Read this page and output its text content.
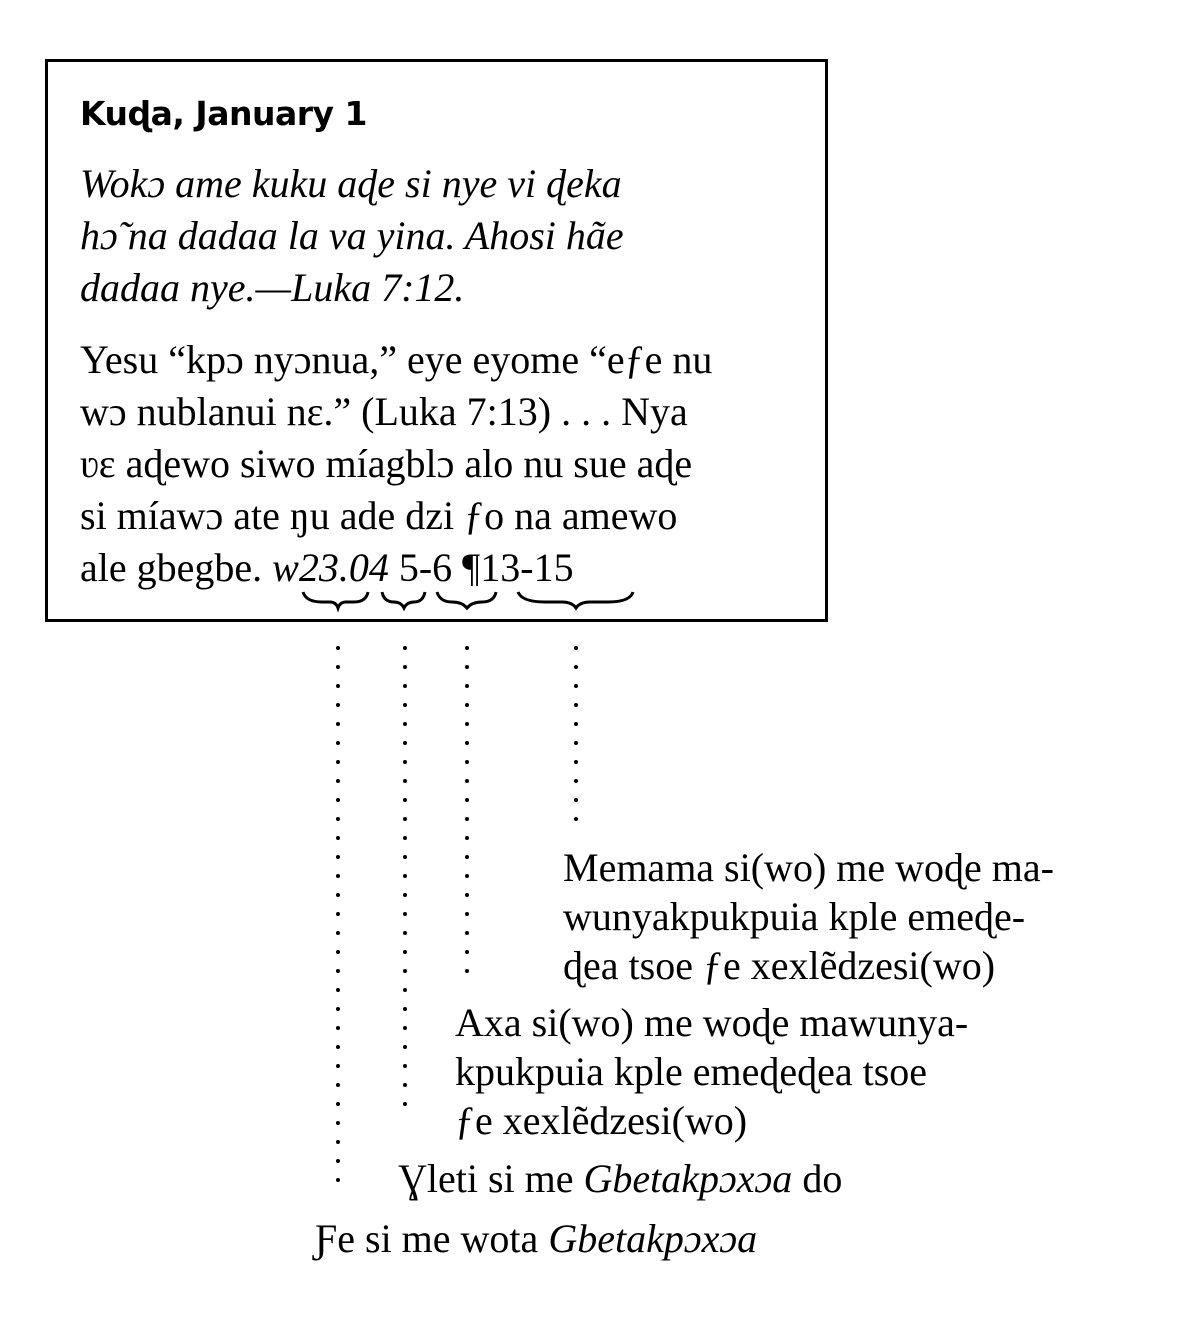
Kuɖa, January 1
Wokɔ ame kuku aɖe si nye vi ɖeka
hɔ̃ na dadaa la va yina. Ahosi hãe
dadaa nye.—Luka 7:12.
Yesu “kpɔ nyɔnua,” eye eyome “eƒe nu
wɔ nublanui nɛ.” (Luka 7:13) . . . Nya
ʋɛ aɖewo siwo míagblɔ alo nu sue aɖe
si míawɔ ate ŋu ade dzi ƒo na amewo
ale gbegbe. w23.04 5-6 ¶13-15
Memama si(wo) me woɖe ma-
wunyakpukpuia kple emeɖe-
ɖea tsoe ƒe xexlẽdzesi(wo)
Axa si(wo) me woɖe mawunya-
kpukpuia kple emeɖeɖea tsoe
ƒe xexlẽdzesi(wo)
Ɣleti si me Gbetakpɔxɔa do
Ƒe si me wota Gbetakpɔxɔa
